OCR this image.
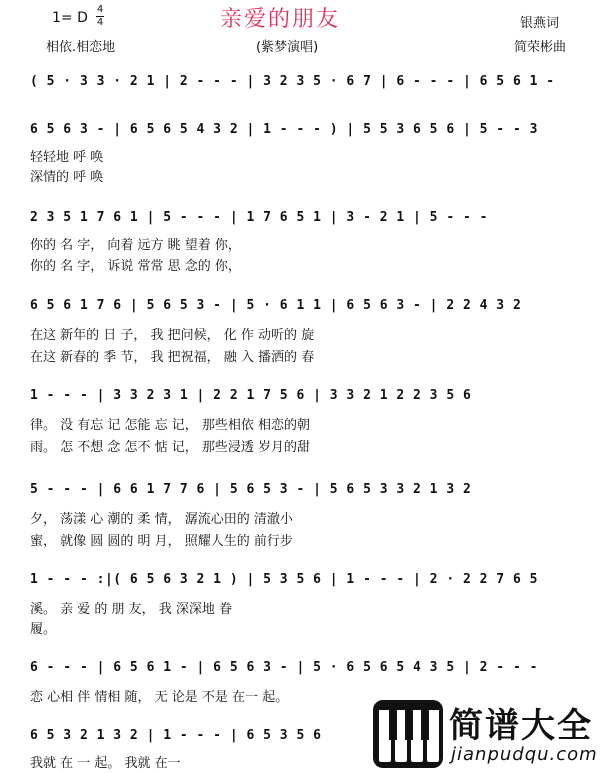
1= D
4
4	亲爱的朋友	银燕词
相依.相恋地	(紫梦演唱)	简荣彬曲
( 5 · 3 3 · 2 1 | 2 - - - | 3 2 3 5 · 6 7 | 6 - - - | 6 5 6 1 -
6 5 6 3 - | 6 5 6 5 4 3 2 | 1 - - - ) | 5 5 3 6 5 6 | 5 - - 3
轻轻地 呼 唤
深情的 呼 唤
2 3 5 1 7 6 1 | 5 - - - | 1 7 6 5 1 | 3 - 2 1 | 5 - - -
你的 名 字， 向着 远方 眺 望着 你，
你的 名 字， 诉说 常常 思 念的 你，
6 5 6 1 7 6 | 5 6 5 3 - | 5 · 6 1 1 | 6 5 6 3 - | 2 2 4 3 2
在这 新年的 日 子， 我 把问候， 化 作 动听的 旋
在这 新春的 季 节， 我 把祝福， 融 入 播洒的 春
1 - - - | 3 3 2 3 1 | 2 2 1 7 5 6 | 3 3 2 1 2 2 3 5 6
律。 没 有忘 记 怎能 忘 记， 那些相依 相恋的朝
雨。 怎 不想 念 怎不 惦 记， 那些浸透 岁月的甜
5 - - - | 6 6 1 7 7 6 | 5 6 5 3 - | 5 6 5 3 3 2 1 3 2
夕， 荡漾 心 潮的 柔 情， 潺流心田的 清澈小
蜜， 就像 圆 圆的 明 月， 照耀人生的 前行步
1 - - - :|( 6 5 6 3 2 1 ) | 5 3 5 6 | 1 - - - | 2 · 2 2 7 6 5
溪。 亲 爱 的 朋 友， 我 深深地 眷
履。
6 - - - | 6 5 6 1 - | 6 5 6 3 - | 5 · 6 5 6 5 4 3 5 | 2 - - -
恋 心相 伴 情相 随， 无 论是 不是 在一 起。
6 5 3 2 1 3 2 | 1 - - - | 6 5 3 5 6
我就 在 一 起。 我就 在一
简谱大全
jianpudqu.com
